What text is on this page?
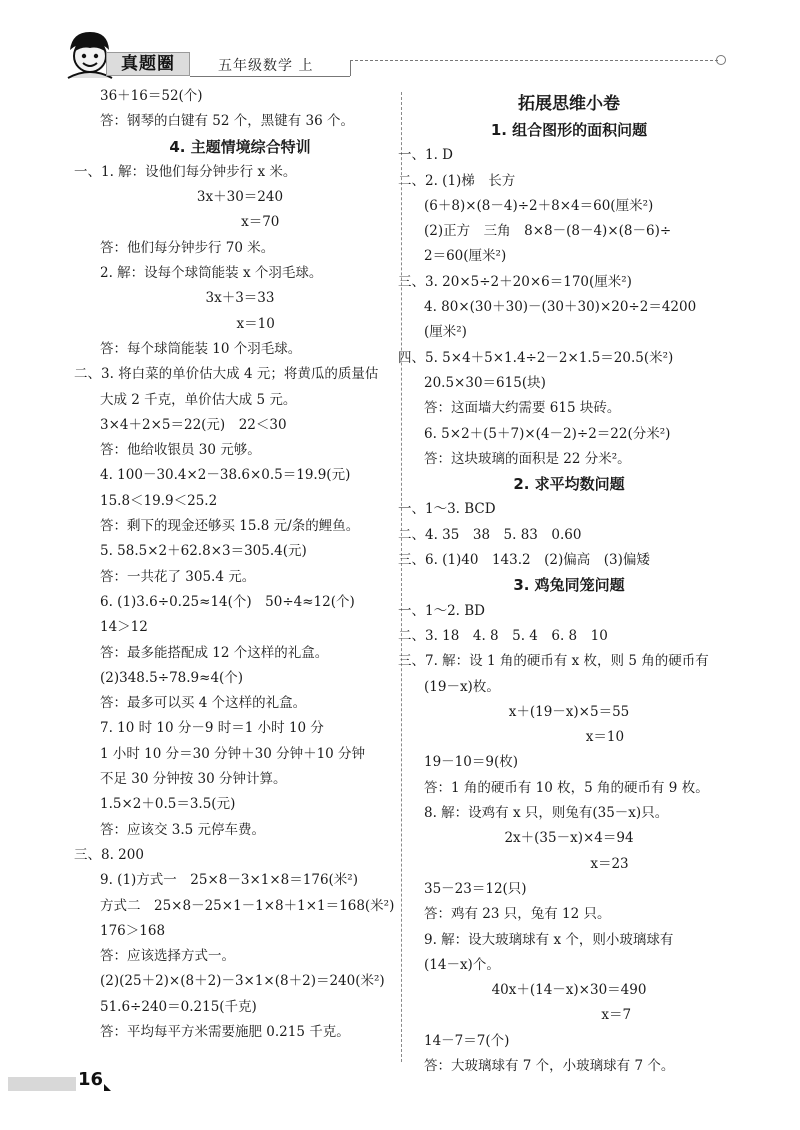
真题圈	五年级数学 上
36＋16＝52(个)
答：钢琴的白键有 52 个，黑键有 36 个。
4. 主题情境综合特训
一、1. 解：设他们每分钟步行 x 米。
3x＋30＝240
　　　x＝70
答：他们每分钟步行 70 米。
2. 解：设每个球筒能装 x 个羽毛球。
3x＋3＝33
　　 x＝10
答：每个球筒能装 10 个羽毛球。
二、3. 将白菜的单价估大成 4 元；将黄瓜的质量估
大成 2 千克，单价估大成 5 元。
3×4＋2×5＝22(元)　22＜30
答：他给收银员 30 元够。
4. 100－30.4×2－38.6×0.5＝19.9(元)
15.8＜19.9＜25.2
答：剩下的现金还够买 15.8 元/条的鲤鱼。
5. 58.5×2＋62.8×3＝305.4(元)
答：一共花了 305.4 元。
6. (1)3.6÷0.25≈14(个)　50÷4≈12(个)
14＞12
答：最多能搭配成 12 个这样的礼盒。
(2)348.5÷78.9≈4(个)
答：最多可以买 4 个这样的礼盒。
7. 10 时 10 分－9 时＝1 小时 10 分
1 小时 10 分＝30 分钟＋30 分钟＋10 分钟
不足 30 分钟按 30 分钟计算。
1.5×2＋0.5＝3.5(元)
答：应该交 3.5 元停车费。
三、8. 200
9. (1)方式一　25×8－3×1×8＝176(米²)
方式二　25×8－25×1－1×8＋1×1＝168(米²)
176＞168
答：应该选择方式一。
(2)(25＋2)×(8＋2)－3×1×(8＋2)＝240(米²)
51.6÷240＝0.215(千克)
答：平均每平方米需要施肥 0.215 千克。
拓展思维小卷
1. 组合图形的面积问题
一、1. D
二、2. (1)梯　长方
(6＋8)×(8－4)÷2＋8×4＝60(厘米²)
(2)正方　三角　8×8－(8－4)×(8－6)÷
2＝60(厘米²)
三、3. 20×5÷2＋20×6＝170(厘米²)
4. 80×(30＋30)－(30＋30)×20÷2＝4200
(厘米²)
四、5. 5×4＋5×1.4÷2－2×1.5＝20.5(米²)
20.5×30＝615(块)
答：这面墙大约需要 615 块砖。
6. 5×2＋(5＋7)×(4－2)÷2＝22(分米²)
答：这块玻璃的面积是 22 分米²。
2. 求平均数问题
一、1～3. BCD
二、4. 35　38　5. 83　0.60
三、6. (1)40　143.2　(2)偏高　(3)偏矮
3. 鸡兔同笼问题
一、1～2. BD
二、3. 18　4. 8　5. 4　6. 8　10
三、7. 解：设 1 角的硬币有 x 枚，则 5 角的硬币有
(19－x)枚。
x＋(19－x)×5＝55
　　　　　 x＝10
19－10＝9(枚)
答：1 角的硬币有 10 枚，5 角的硬币有 9 枚。
8. 解：设鸡有 x 只，则兔有(35－x)只。
2x＋(35－x)×4＝94
　　　　　　x＝23
35－23＝12(只)
答：鸡有 23 只，兔有 12 只。
9. 解：设大玻璃球有 x 个，则小玻璃球有
(14－x)个。
40x＋(14－x)×30＝490
　　　　　　　x＝7
14－7＝7(个)
答：大玻璃球有 7 个，小玻璃球有 7 个。
16
